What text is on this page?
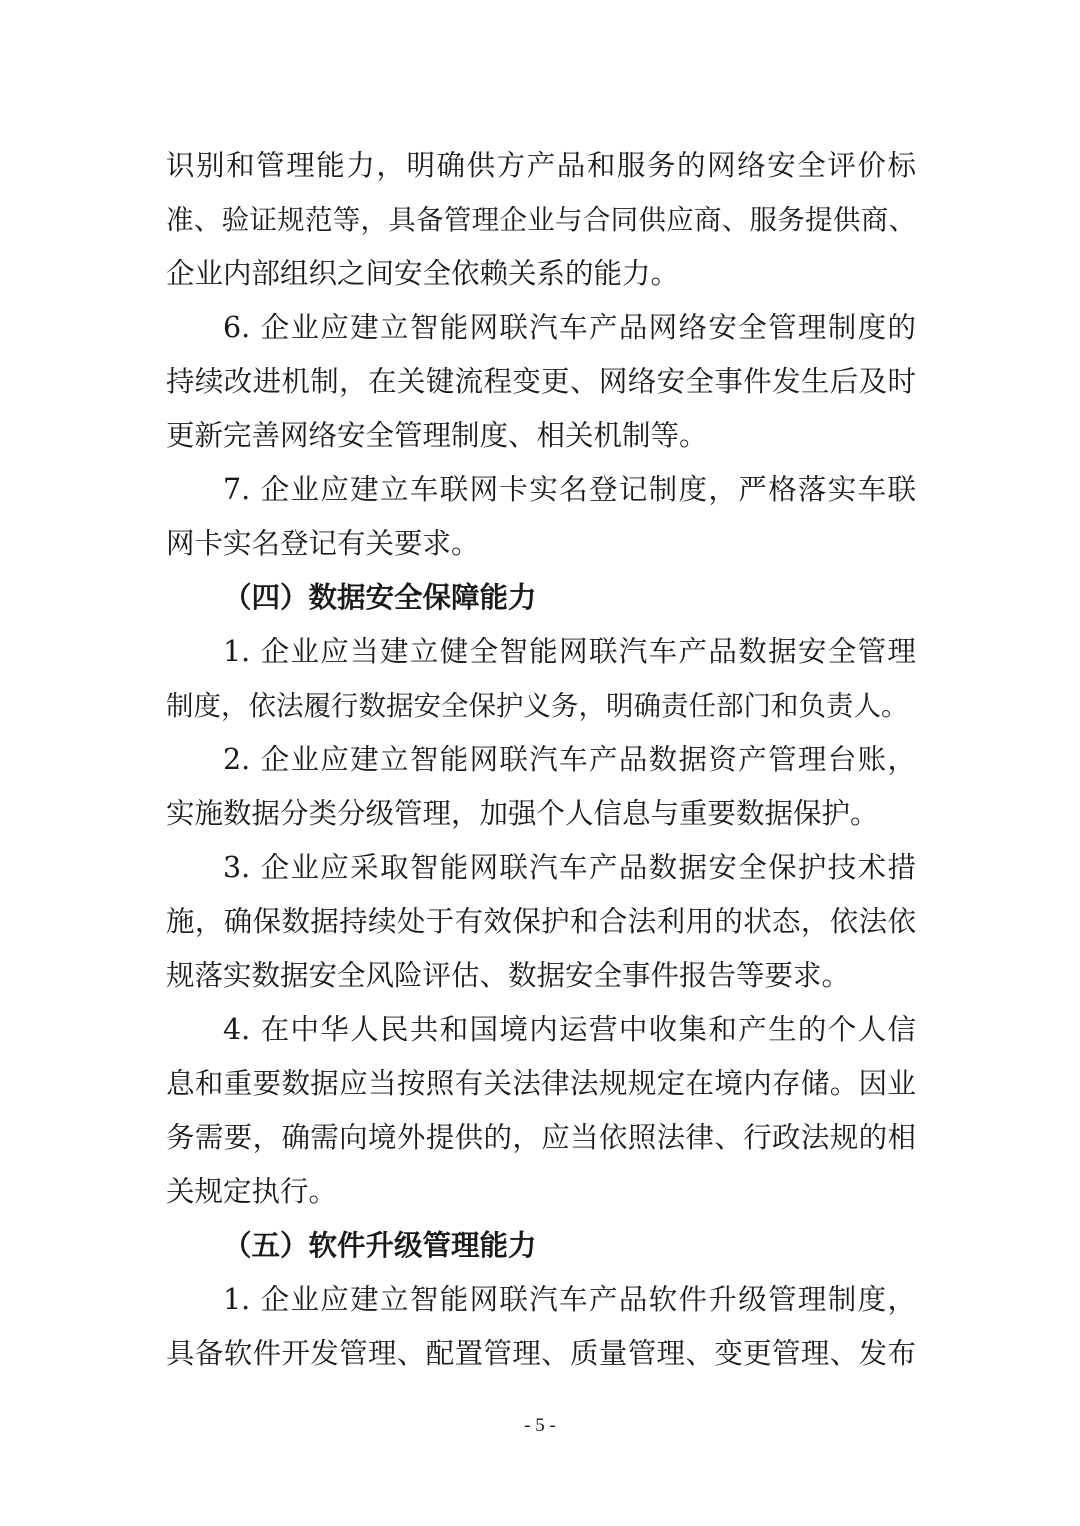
识别和管理能力，明确供方产品和服务的网络安全评价标
准、验证规范等，具备管理企业与合同供应商、服务提供商、
企业内部组织之间安全依赖关系的能力。
6. 企业应建立智能网联汽车产品网络安全管理制度的
持续改进机制，在关键流程变更、网络安全事件发生后及时
更新完善网络安全管理制度、相关机制等。
7. 企业应建立车联网卡实名登记制度，严格落实车联
网卡实名登记有关要求。
（四）数据安全保障能力
1. 企业应当建立健全智能网联汽车产品数据安全管理
制度，依法履行数据安全保护义务，明确责任部门和负责人。
2. 企业应建立智能网联汽车产品数据资产管理台账，
实施数据分类分级管理，加强个人信息与重要数据保护。
3. 企业应采取智能网联汽车产品数据安全保护技术措
施，确保数据持续处于有效保护和合法利用的状态，依法依
规落实数据安全风险评估、数据安全事件报告等要求。
4. 在中华人民共和国境内运营中收集和产生的个人信
息和重要数据应当按照有关法律法规规定在境内存储。因业
务需要，确需向境外提供的，应当依照法律、行政法规的相
关规定执行。
（五）软件升级管理能力
1. 企业应建立智能网联汽车产品软件升级管理制度，
具备软件开发管理、配置管理、质量管理、变更管理、发布
- 5 -
